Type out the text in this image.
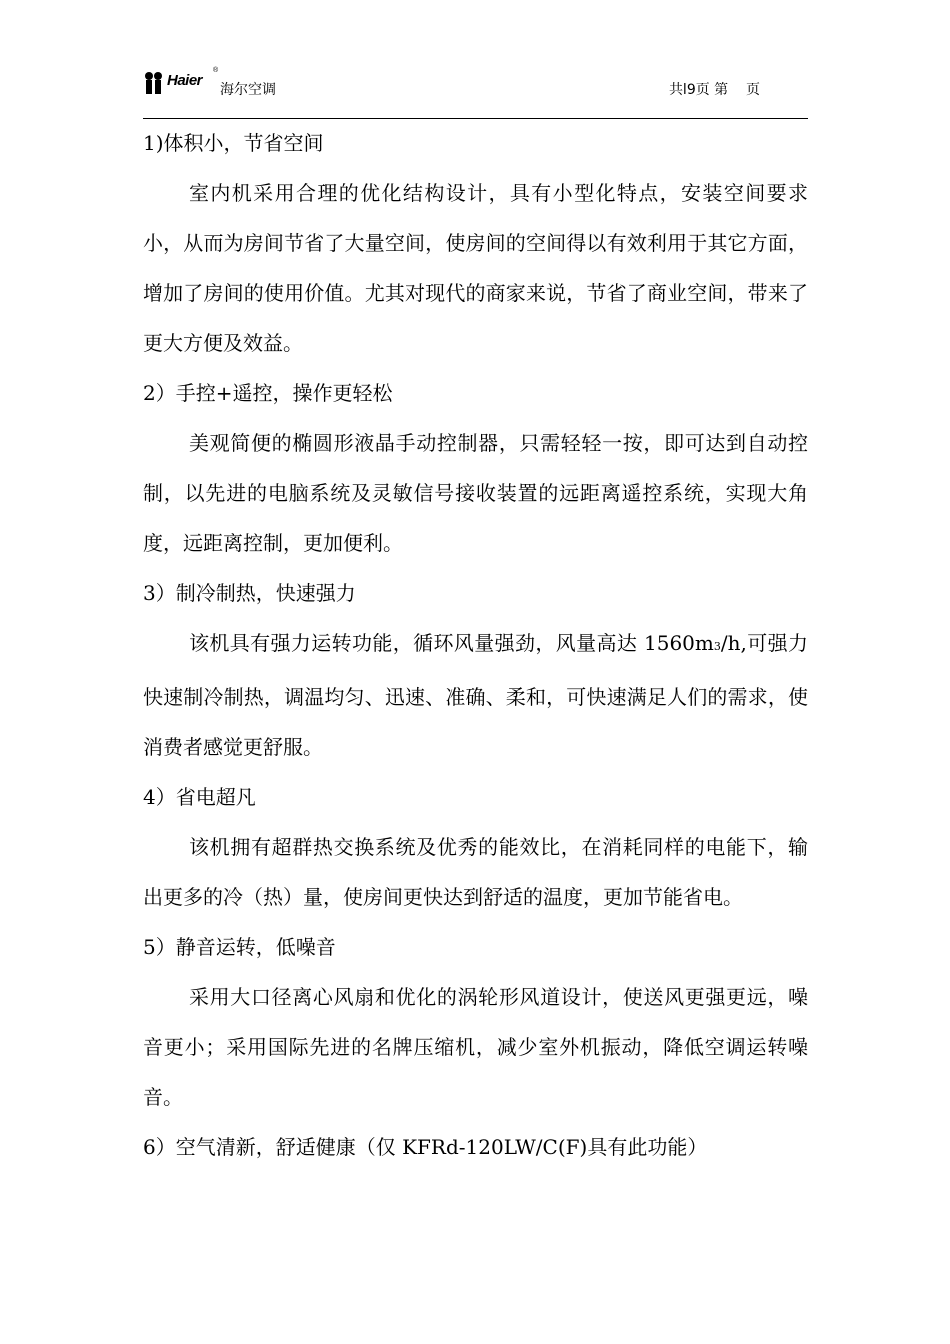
Haier
®
海尔空调	共l9页 第    页

1)体积小，节省空间

室内机采用合理的优化结构设计，具有小型化特点，安装空间要求小，从而为房间节省了大量空间，使房间的空间得以有效利用于其它方面，增加了房间的使用价值。尤其对现代的商家来说，节省了商业空间，带来了更大方便及效益。

2）手控+遥控，操作更轻松

美观简便的椭圆形液晶手动控制器，只需轻轻一按，即可达到自动控制，以先进的电脑系统及灵敏信号接收装置的远距离遥控系统，实现大角度，远距离控制，更加便利。

3）制冷制热，快速强力

该机具有强力运转功能，循环风量强劲，风量高达 1560m3/h,可强力快速制冷制热，调温均匀、迅速、准确、柔和，可快速满足人们的需求，使消费者感觉更舒服。

4）省电超凡

该机拥有超群热交换系统及优秀的能效比，在消耗同样的电能下，输出更多的冷（热）量，使房间更快达到舒适的温度，更加节能省电。

5）静音运转，低噪音

采用大口径离心风扇和优化的涡轮形风道设计，使送风更强更远，噪音更小；采用国际先进的名牌压缩机，减少室外机振动，降低空调运转噪音。

6）空气清新，舒适健康（仅 KFRd-120LW/C(F)具有此功能）
